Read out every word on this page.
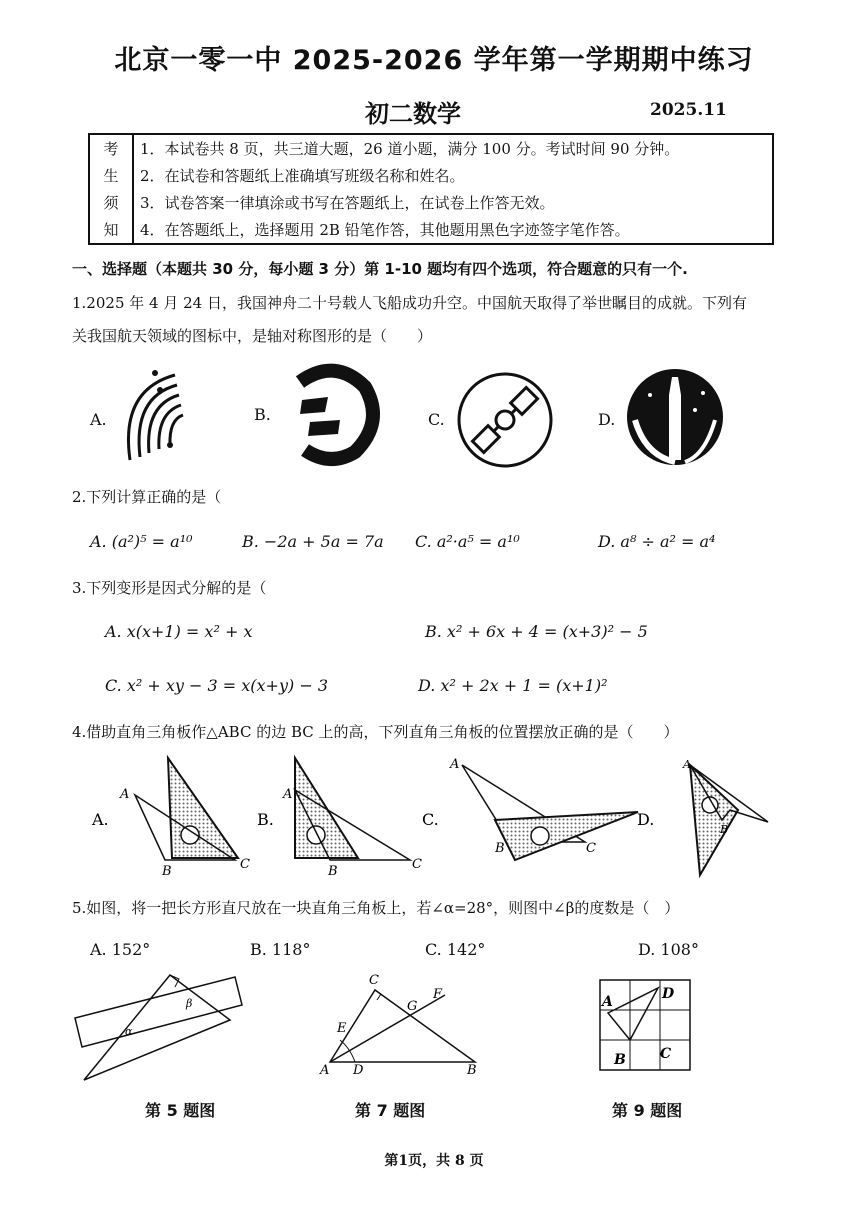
北京一零一中 2025-2026 学年第一学期期中练习
初二数学	2025.11
考	1．本试卷共 8 页，共三道大题，26 道小题，满分 100 分。考试时间 90 分钟。
生	2．在试卷和答题纸上准确填写班级名称和姓名。
须	3．试卷答案一律填涂或书写在答题纸上，在试卷上作答无效。
知	4．在答题纸上，选择题用 2B 铅笔作答，其他题用黑色字迹签字笔作答。
一、选择题（本题共 30 分，每小题 3 分）第 1-10 题均有四个选项，符合题意的只有一个.
1.2025 年 4 月 24 日，我国神舟二十号载人飞船成功升空。中国航天取得了举世瞩目的成就。下列有
关我国航天领域的图标中，是轴对称图形的是（　　）
A.	B.	C.	D.
2.下列计算正确的是（
A. (a²)⁵ = a¹⁰	B. −2a + 5a = 7a C. a²·a⁵ = a¹⁰	D. a⁸ ÷ a² = a⁴
3.下列变形是因式分解的是（
A. x(x+1) = x² + x	B. x² + 6x + 4 = (x+3)² − 5
C. x² + xy − 3 = x(x+y) − 3	D. x² + 2x + 1 = (x+1)²
4.借助直角三角板作△ABC 的边 BC 上的高，下列直角三角板的位置摆放正确的是（　　）
A.
A
B	C
B.
A
B	C
C.
A
B	C
D.
A
B
5.如图，将一把长方形直尺放在一块直角三角板上，若∠α=28°，则图中∠β的度数是（　）
A. 152°	B. 118°	C. 142°	D. 108°
α
β
C
G
F
E
A D	B
A	D
B C
第 5 题图	第 7 题图	第 9 题图
第1页，共 8 页
